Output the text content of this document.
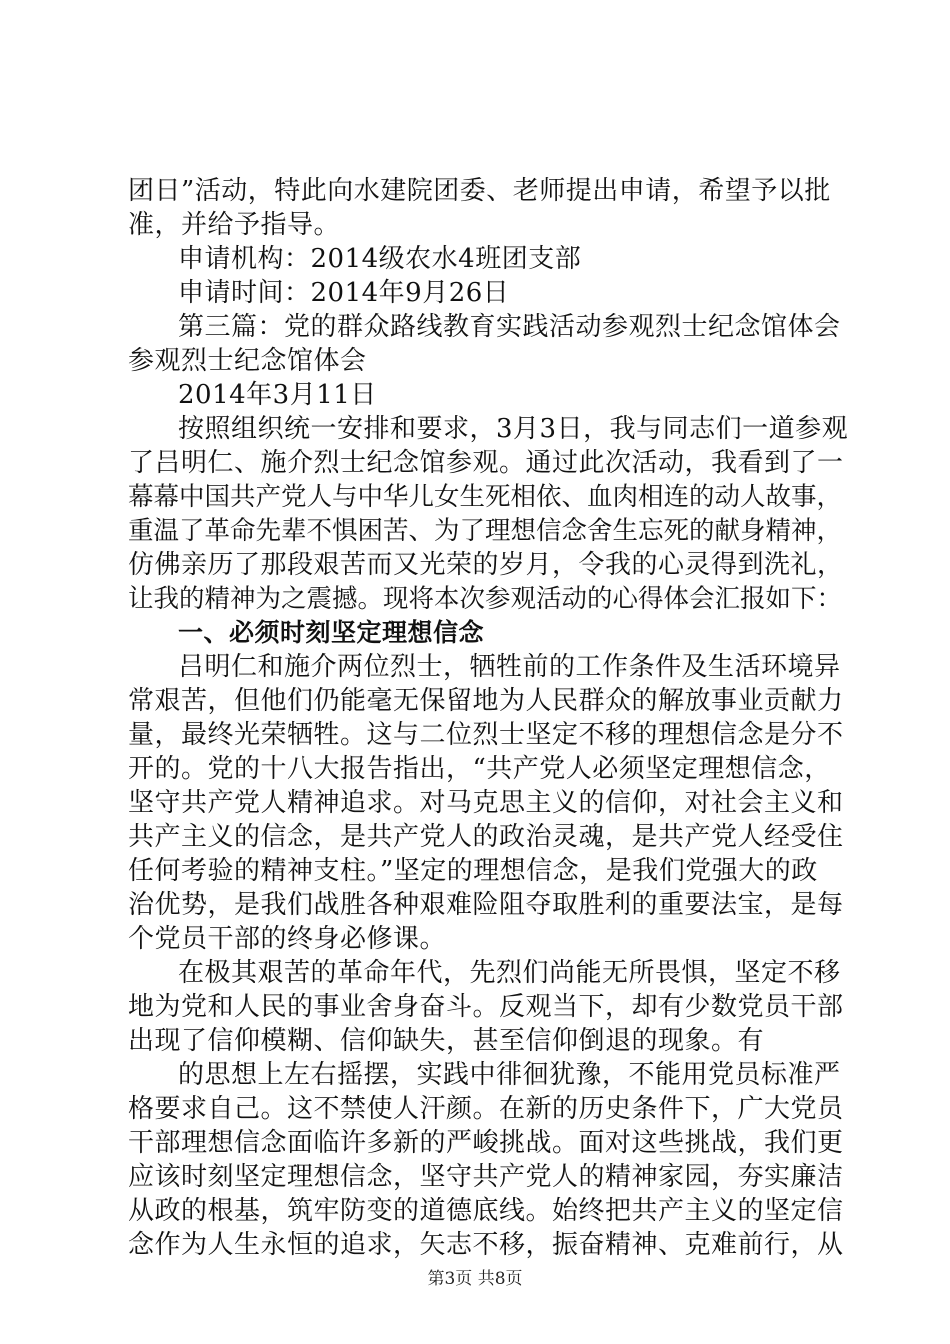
团日”活动，特此向水建院团委、老师提出申请，希望予以批
准，并给予指导。
申请机构：2014级农水4班团支部
申请时间：2014年9月26日
第三篇：党的群众路线教育实践活动参观烈士纪念馆体会
参观烈士纪念馆体会
2014年3月11日
按照组织统一安排和要求，3月3日，我与同志们一道参观
了吕明仁、施介烈士纪念馆参观。通过此次活动，我看到了一
幕幕中国共产党人与中华儿女生死相依、血肉相连的动人故事，
重温了革命先辈不惧困苦、为了理想信念舍生忘死的献身精神，
仿佛亲历了那段艰苦而又光荣的岁月，令我的心灵得到洗礼，
让我的精神为之震撼。现将本次参观活动的心得体会汇报如下：
一、必须时刻坚定理想信念
吕明仁和施介两位烈士，牺牲前的工作条件及生活环境异
常艰苦，但他们仍能毫无保留地为人民群众的解放事业贡献力
量，最终光荣牺牲。这与二位烈士坚定不移的理想信念是分不
开的。党的十八大报告指出，“共产党人必须坚定理想信念，
坚守共产党人精神追求。对马克思主义的信仰，对社会主义和
共产主义的信念，是共产党人的政治灵魂，是共产党人经受住
任何考验的精神支柱。”坚定的理想信念，是我们党强大的政
治优势，是我们战胜各种艰难险阻夺取胜利的重要法宝，是每
个党员干部的终身必修课。
在极其艰苦的革命年代，先烈们尚能无所畏惧，坚定不移
地为党和人民的事业舍身奋斗。反观当下，却有少数党员干部
出现了信仰模糊、信仰缺失，甚至信仰倒退的现象。有
的思想上左右摇摆，实践中徘徊犹豫，不能用党员标准严
格要求自己。这不禁使人汗颜。在新的历史条件下，广大党员
干部理想信念面临许多新的严峻挑战。面对这些挑战，我们更
应该时刻坚定理想信念，坚守共产党人的精神家园，夯实廉洁
从政的根基，筑牢防变的道德底线。始终把共产主义的坚定信
念作为人生永恒的追求，矢志不移，振奋精神、克难前行，从
第3页 共8页
